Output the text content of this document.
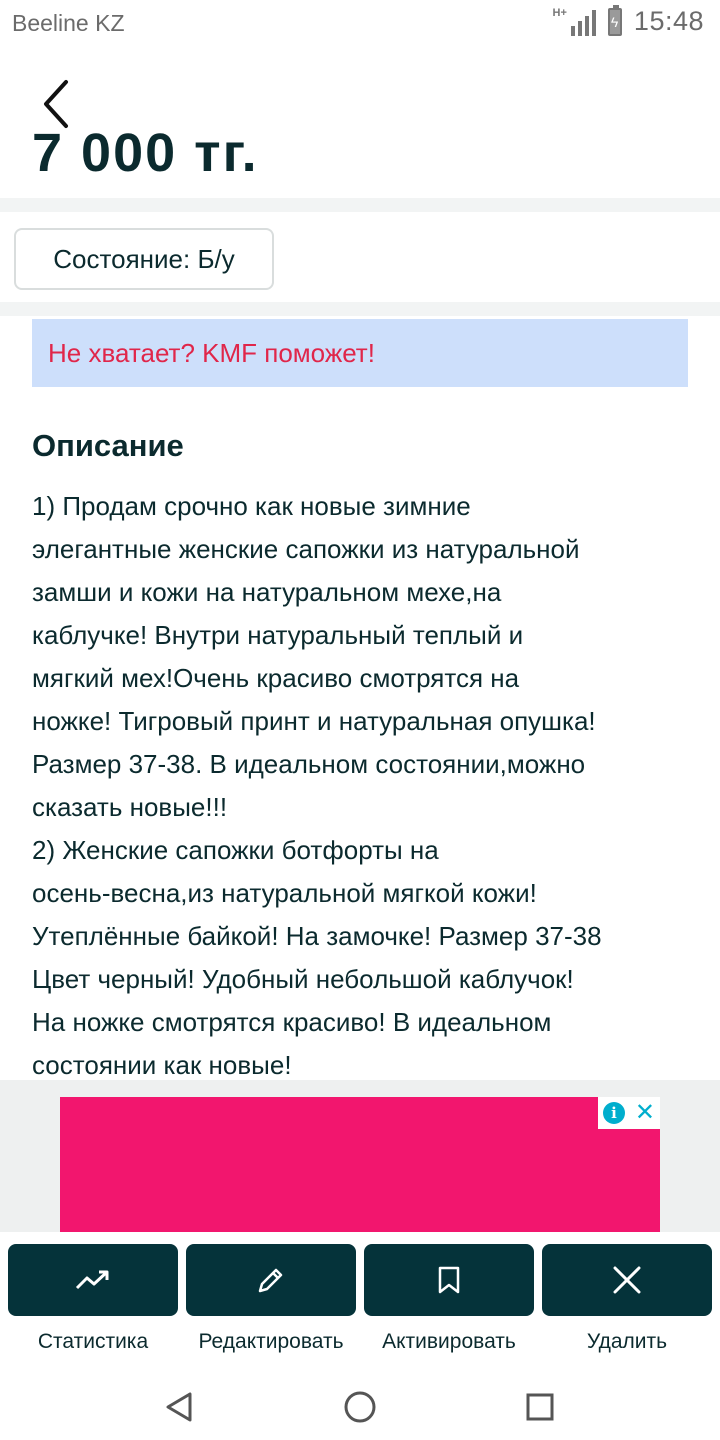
Beeline KZ	H+
ϟ 15:48
7 000 тг.
Состояние: Б/у
Не хватает? KMF поможет!
Описание
1) Продам срочно как новые зимние
элегантные женские сапожки из натуральной
замши и кожи на натуральном мехе,на
каблучке! Внутри натуральный теплый и
мягкий мех!Очень красиво смотрятся на
ножке! Тигровый принт и натуральная опушка!
Размер 37-38. В идеальном состоянии,можно
сказать новые!!!
2) Женские сапожки ботфорты на
осень-весна,из натуральной мягкой кожи!
Утеплённые байкой! На замочке! Размер 37-38
Цвет черный! Удобный небольшой каблучок!
На ножке смотрятся красиво! В идеальном
состоянии как новые!
i ✕
Статистика	Редактировать	Активировать	Удалить
